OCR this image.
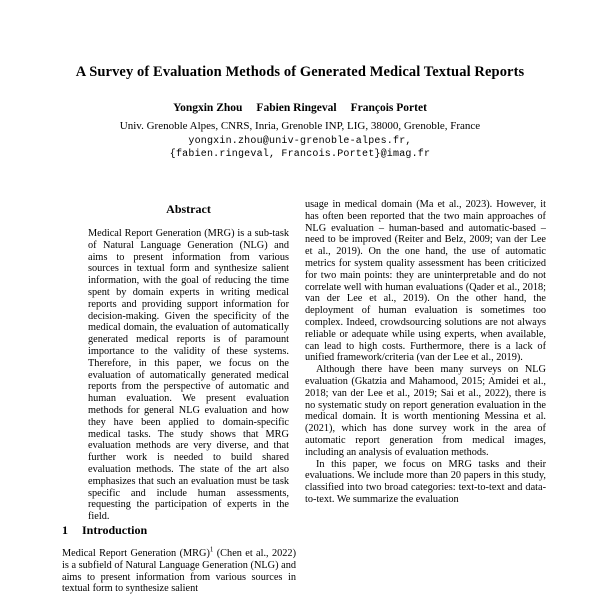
A Survey of Evaluation Methods of Generated Medical Textual Reports
Yongxin Zhou Fabien Ringeval François Portet
Univ. Grenoble Alpes, CNRS, Inria, Grenoble INP, LIG, 38000, Grenoble, France
yongxin.zhou@univ-grenoble-alpes.fr,
{fabien.ringeval, Francois.Portet}@imag.fr
Abstract
Medical Report Generation (MRG) is a sub-task of Natural Language Generation (NLG) and aims to present information from various sources in textual form and synthesize salient information, with the goal of reducing the time spent by domain experts in writing medical reports and providing support information for decision-making. Given the specificity of the medical domain, the evaluation of automatically generated medical reports is of paramount importance to the validity of these systems. Therefore, in this paper, we focus on the evaluation of automatically generated medical reports from the perspective of automatic and human evaluation. We present evaluation methods for general NLG evaluation and how they have been applied to domain-specific medical tasks. The study shows that MRG evaluation methods are very diverse, and that further work is needed to build shared evaluation methods. The state of the art also emphasizes that such an evaluation must be task specific and include human assessments, requesting the participation of experts in the field.
1 Introduction
Medical Report Generation (MRG)$^1$ (Chen et al., 2022) is a subfield of Natural Language Generation (NLG) and aims to present information from various sources in textual form to synthesize salient

usage in medical domain (Ma et al., 2023). However, it has often been reported that the two main approaches of NLG evaluation – human-based and automatic-based – need to be improved (Reiter and Belz, 2009; van der Lee et al., 2019). On the one hand, the use of automatic metrics for system quality assessment has been criticized for two main points: they are uninterpretable and do not correlate well with human evaluations (Qader et al., 2018; van der Lee et al., 2019). On the other hand, the deployment of human evaluation is sometimes too complex. Indeed, crowdsourcing solutions are not always reliable or adequate while using experts, when available, can lead to high costs. Furthermore, there is a lack of unified framework/criteria (van der Lee et al., 2019).

Although there have been many surveys on NLG evaluation (Gkatzia and Mahamood, 2015; Amidei et al., 2018; van der Lee et al., 2019; Sai et al., 2022), there is no systematic study on report generation evaluation in the medical domain. It is worth mentioning Messina et al. (2021), which has done survey work in the area of automatic report generation from medical images, including an analysis of evaluation methods.

In this paper, we focus on MRG tasks and their evaluations. We include more than 20 papers in this study, classified into two broad categories: text-to-text and data-to-text. We summarize the evaluation
